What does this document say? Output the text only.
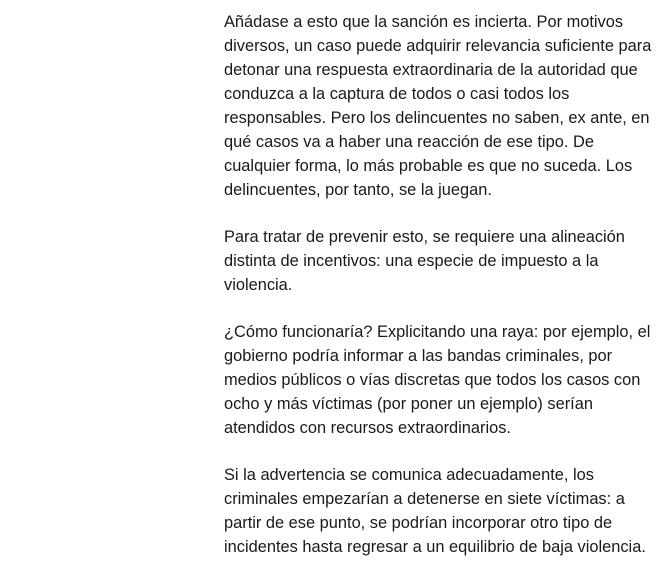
Añádase a esto que la sanción es incierta. Por motivos
diversos, un caso puede adquirir relevancia suficiente para
detonar una respuesta extraordinaria de la autoridad que
conduzca a la captura de todos o casi todos los
responsables. Pero los delincuentes no saben, ex ante, en
qué casos va a haber una reacción de ese tipo. De
cualquier forma, lo más probable es que no suceda. Los
delincuentes, por tanto, se la juegan.

Para tratar de prevenir esto, se requiere una alineación
distinta de incentivos: una especie de impuesto a la
violencia.

¿Cómo funcionaría? Explicitando una raya: por ejemplo, el
gobierno podría informar a las bandas criminales, por
medios públicos o vías discretas que todos los casos con
ocho y más víctimas (por poner un ejemplo) serían
atendidos con recursos extraordinarios.

Si la advertencia se comunica adecuadamente, los
criminales empezarían a detenerse en siete víctimas: a
partir de ese punto, se podrían incorporar otro tipo de
incidentes hasta regresar a un equilibrio de baja violencia.
